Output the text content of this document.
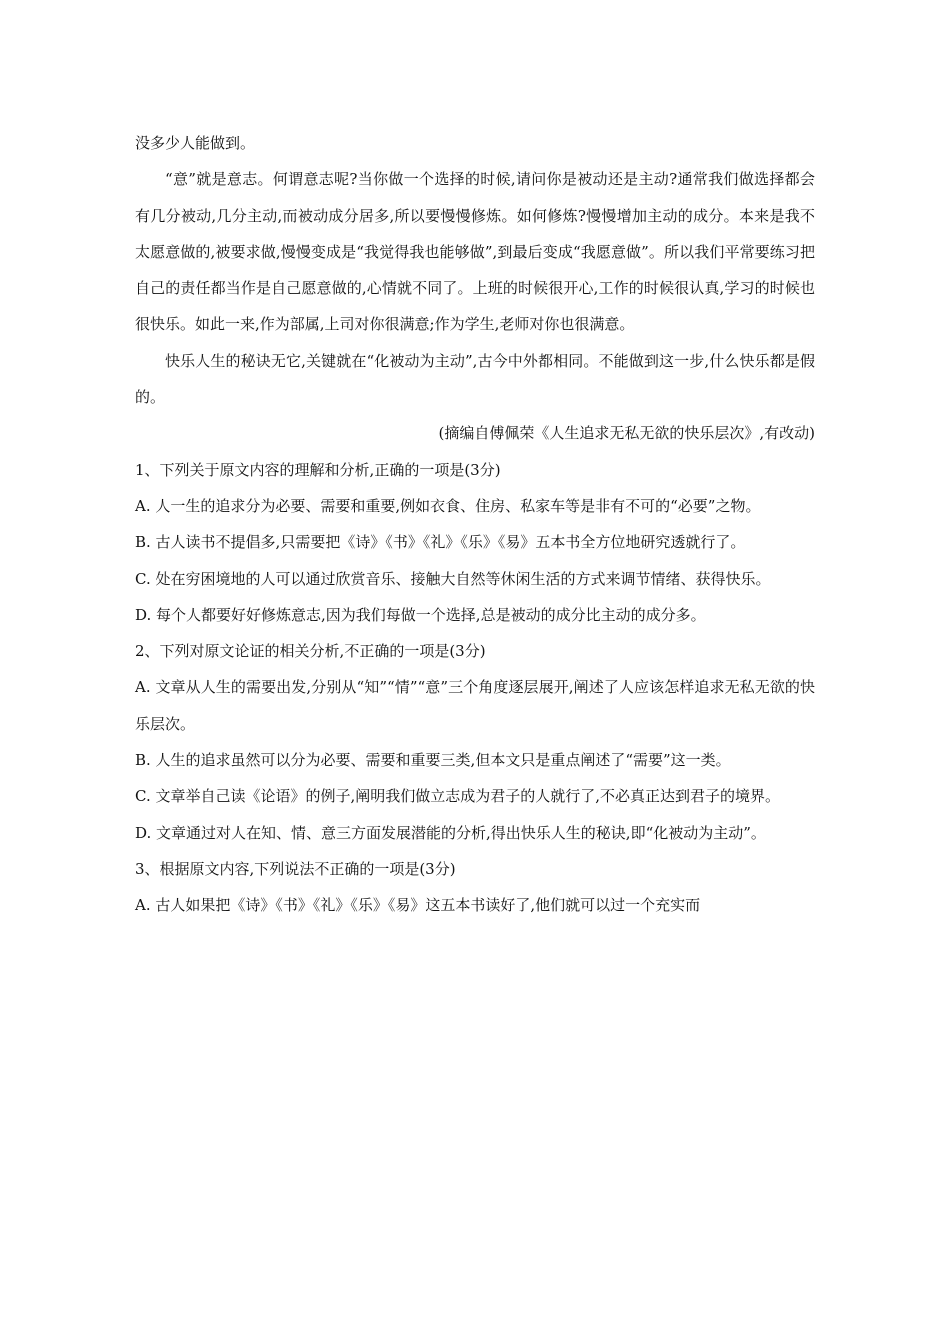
没多少人能做到。

“意”就是意志。何谓意志呢?当你做一个选择的时候,请问你是被动还是主动?通常我们做选择都会有几分被动,几分主动,而被动成分居多,所以要慢慢修炼。如何修炼?慢慢增加主动的成分。本来是我不太愿意做的,被要求做,慢慢变成是“我觉得我也能够做”,到最后变成“我愿意做”。所以我们平常要练习把自己的责任都当作是自己愿意做的,心情就不同了。上班的时候很开心,工作的时候很认真,学习的时候也很快乐。如此一来,作为部属,上司对你很满意;作为学生,老师对你也很满意。

快乐人生的秘诀无它,关键就在“化被动为主动”,古今中外都相同。不能做到这一步,什么快乐都是假的。

(摘编自傅佩荣《人生追求无私无欲的快乐层次》,有改动)

1、下列关于原文内容的理解和分析,正确的一项是(3分)

A. 人一生的追求分为必要、需要和重要,例如衣食、住房、私家车等是非有不可的“必要”之物。

B. 古人读书不提倡多,只需要把《诗》《书》《礼》《乐》《易》五本书全方位地研究透就行了。

C. 处在穷困境地的人可以通过欣赏音乐、接触大自然等休闲生活的方式来调节情绪、获得快乐。

D. 每个人都要好好修炼意志,因为我们每做一个选择,总是被动的成分比主动的成分多。

2、下列对原文论证的相关分析,不正确的一项是(3分)

A. 文章从人生的需要出发,分别从“知”“情”“意”三个角度逐层展开,阐述了人应该怎样追求无私无欲的快乐层次。

B. 人生的追求虽然可以分为必要、需要和重要三类,但本文只是重点阐述了“需要”这一类。

C. 文章举自己读《论语》的例子,阐明我们做立志成为君子的人就行了,不必真正达到君子的境界。

D. 文章通过对人在知、情、意三方面发展潜能的分析,得出快乐人生的秘诀,即“化被动为主动”。

3、根据原文内容,下列说法不正确的一项是(3分)

A. 古人如果把《诗》《书》《礼》《乐》《易》这五本书读好了,他们就可以过一个充实而
